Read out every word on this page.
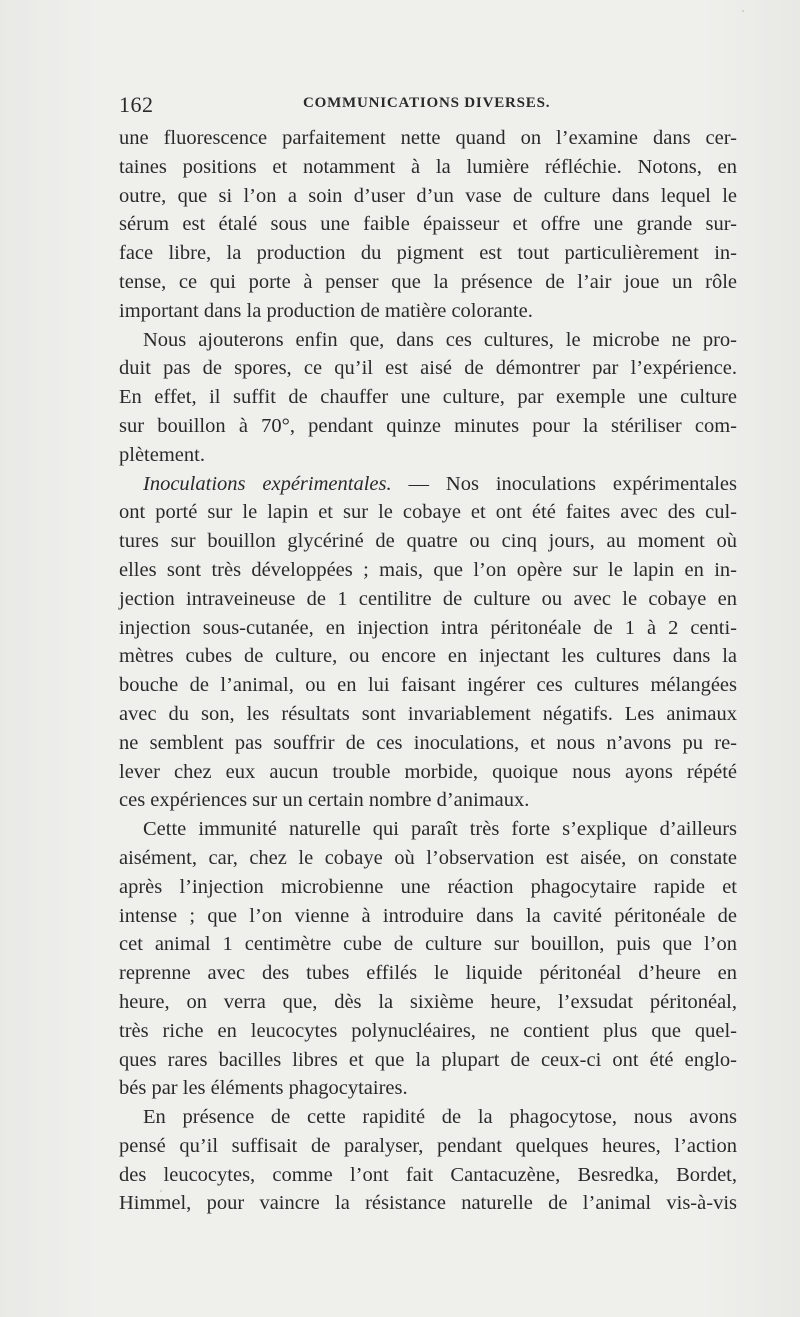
162	COMMUNICATIONS DIVERSES.
une fluorescence parfaitement nette quand on l’examine dans cer-
taines positions et notamment à la lumière réfléchie. Notons, en
outre, que si l’on a soin d’user d’un vase de culture dans lequel le
sérum est étalé sous une faible épaisseur et offre une grande sur-
face libre, la production du pigment est tout particulièrement in-
tense, ce qui porte à penser que la présence de l’air joue un rôle
important dans la production de matière colorante.
Nous ajouterons enfin que, dans ces cultures, le microbe ne pro-
duit pas de spores, ce qu’il est aisé de démontrer par l’expérience.
En effet, il suffit de chauffer une culture, par exemple une culture
sur bouillon à 70°, pendant quinze minutes pour la stériliser com-
plètement.
Inoculations expérimentales. — Nos inoculations expérimentales
ont porté sur le lapin et sur le cobaye et ont été faites avec des cul-
tures sur bouillon glycériné de quatre ou cinq jours, au moment où
elles sont très développées ; mais, que l’on opère sur le lapin en in-
jection intraveineuse de 1 centilitre de culture ou avec le cobaye en
injection sous-cutanée, en injection intra péritonéale de 1 à 2 centi-
mètres cubes de culture, ou encore en injectant les cultures dans la
bouche de l’animal, ou en lui faisant ingérer ces cultures mélangées
avec du son, les résultats sont invariablement négatifs. Les animaux
ne semblent pas souffrir de ces inoculations, et nous n’avons pu re-
lever chez eux aucun trouble morbide, quoique nous ayons répété
ces expériences sur un certain nombre d’animaux.
Cette immunité naturelle qui paraît très forte s’explique d’ailleurs
aisément, car, chez le cobaye où l’observation est aisée, on constate
après l’injection microbienne une réaction phagocytaire rapide et
intense ; que l’on vienne à introduire dans la cavité péritonéale de
cet animal 1 centimètre cube de culture sur bouillon, puis que l’on
reprenne avec des tubes effilés le liquide péritonéal d’heure en
heure, on verra que, dès la sixième heure, l’exsudat péritonéal,
très riche en leucocytes polynucléaires, ne contient plus que quel-
ques rares bacilles libres et que la plupart de ceux-ci ont été englo-
bés par les éléments phagocytaires.
En présence de cette rapidité de la phagocytose, nous avons
pensé qu’il suffisait de paralyser, pendant quelques heures, l’action
des leucocytes, comme l’ont fait Cantacuzène, Besredka, Bordet,
Himmel, pour vaincre la résistance naturelle de l’animal vis-à-vis
